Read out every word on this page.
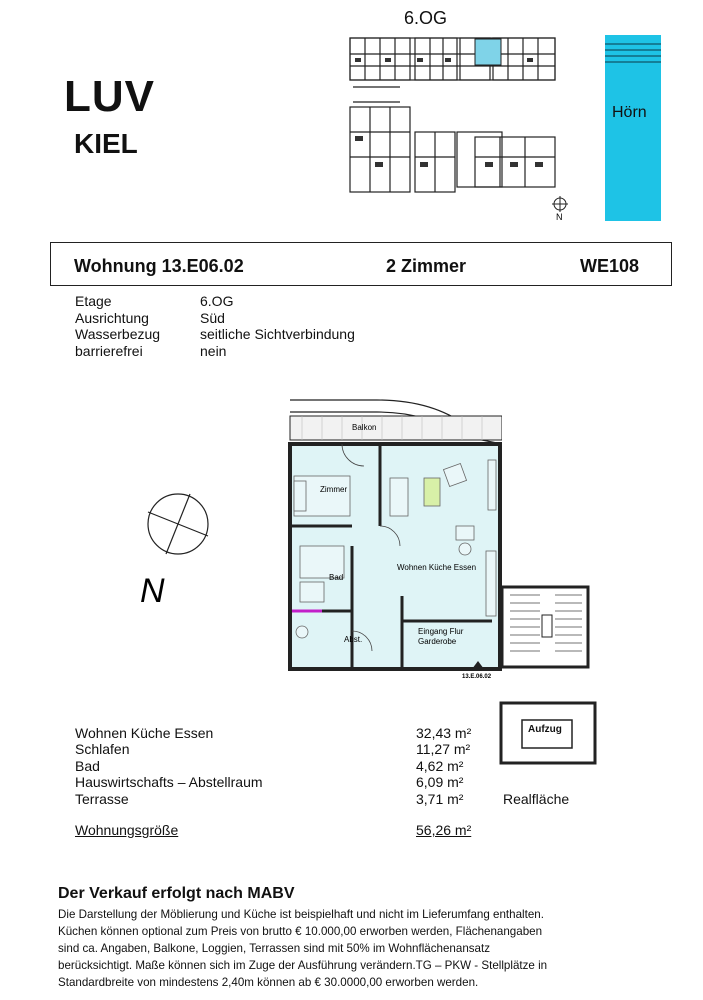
LUV
KIEL
6.OG
N
Hörn
Wohnung 13.E06.02	2 Zimmer	WE108
Etage	6.OG
Ausrichtung	Süd
Wasserbezug	seitliche Sichtverbindung
barrierefrei	nein
Balkon
Zimmer
Wohnen Küche Essen
Bad
Abst.
Eingang Flur Garderobe
13.E.06.02
N
Aufzug
Wohnen Küche Essen	32,43 m²
Schlafen	11,27 m²
Bad	4,62 m²
Hauswirtschafts – Abstellraum	6,09 m²
Terrasse	3,71 m²	Realfläche
Wohnungsgröße	56,26 m²
Der Verkauf erfolgt nach MABV
Die Darstellung der Möblierung und Küche ist beispielhaft und nicht im Lieferumfang enthalten. Küchen können optional zum Preis von brutto € 10.000,00 erworben werden, Flächenangaben sind ca. Angaben, Balkone, Loggien, Terrassen sind mit 50% im Wohnflächenansatz berücksichtigt. Maße können sich im Zuge der Ausführung verändern.TG – PKW - Stellplätze in Standardbreite von mindestens 2,40m können ab € 30.0000,00 erworben werden.
